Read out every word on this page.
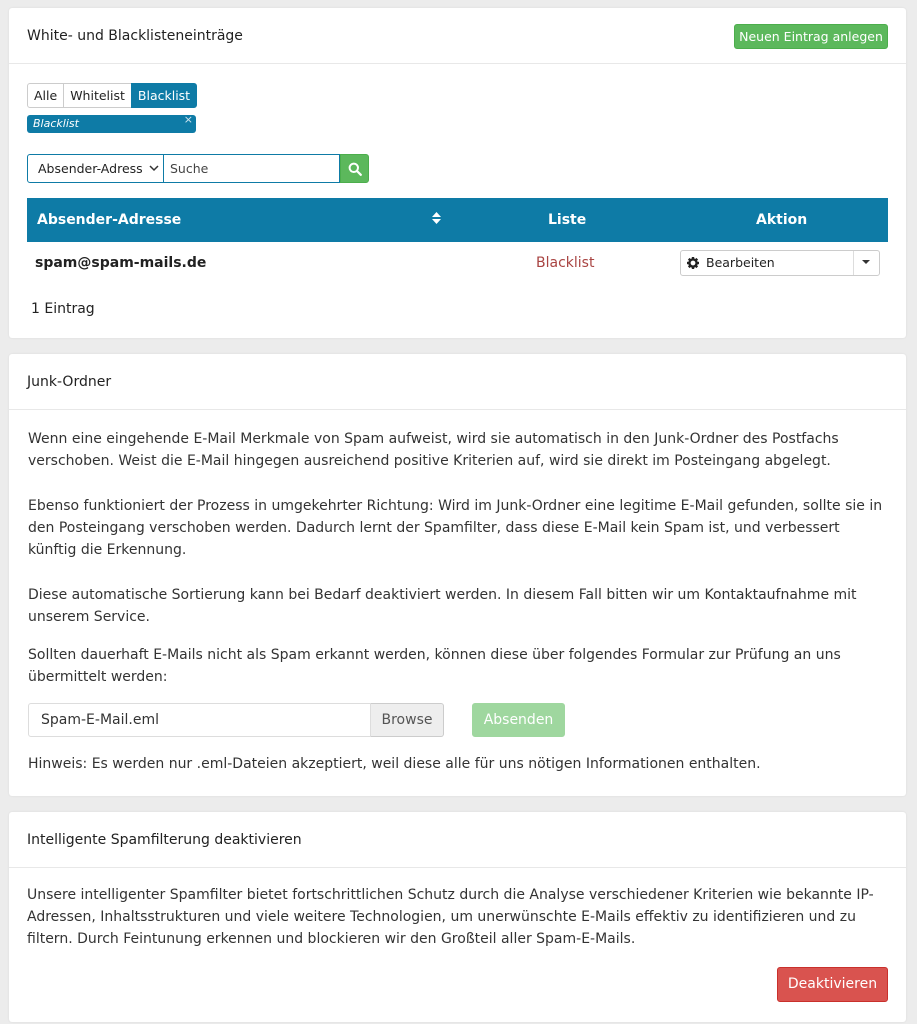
White- und Blacklisteneinträge	Neuen Eintrag anlegen
Alle	Whitelist	Blacklist
Blacklist	×
Absender-Adress	Suche
Absender-Adresse	Liste	Aktion
spam@spam-mails.de	Blacklist	Bearbeiten
1 Eintrag
Junk-Ordner

Wenn eine eingehende E-Mail Merkmale von Spam aufweist, wird sie automatisch in den Junk-Ordner des Postfachs verschoben. Weist die E-Mail hingegen ausreichend positive Kriterien auf, wird sie direkt im Posteingang abgelegt.

Ebenso funktioniert der Prozess in umgekehrter Richtung: Wird im Junk-Ordner eine legitime E-Mail gefunden, sollte sie in den Posteingang verschoben werden. Dadurch lernt der Spamfilter, dass diese E-Mail kein Spam ist, und verbessert künftig die Erkennung.

Diese automatische Sortierung kann bei Bedarf deaktiviert werden. In diesem Fall bitten wir um Kontaktaufnahme mit unserem Service.

Sollten dauerhaft E-Mails nicht als Spam erkannt werden, können diese über folgendes Formular zur Prüfung an uns übermittelt werden:

Spam-E-Mail.eml	Browse	Absenden

Hinweis: Es werden nur .eml-Dateien akzeptiert, weil diese alle für uns nötigen Informationen enthalten.

Intelligente Spamfilterung deaktivieren

Unsere intelligenter Spamfilter bietet fortschrittlichen Schutz durch die Analyse verschiedener Kriterien wie bekannte IP-Adressen, Inhaltsstrukturen und viele weitere Technologien, um unerwünschte E-Mails effektiv zu identifizieren und zu filtern. Durch Feintunung erkennen und blockieren wir den Großteil aller Spam-E-Mails.

Deaktivieren
